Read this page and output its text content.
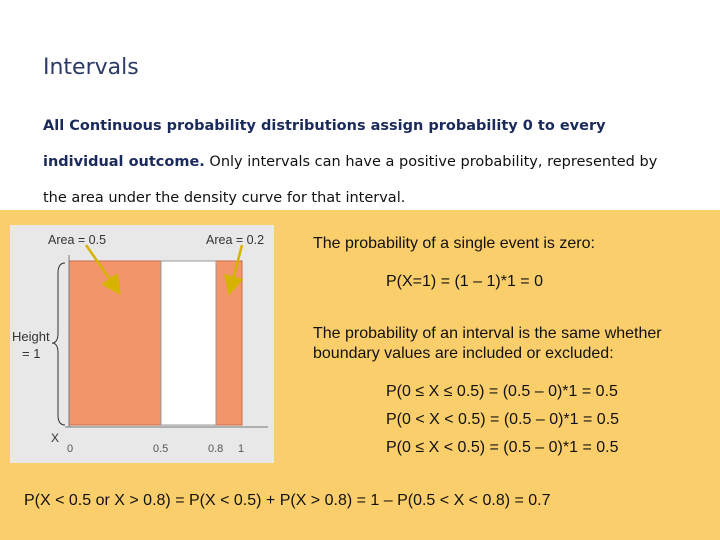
Intervals
All Continuous probability distributions assign probability 0 to every individual outcome. Only intervals can have a positive probability, represented by the area under the density curve for that interval.
Area = 0.5	Area = 0.2
Height
= 1
X
0	0.5	0.8 1
The probability of a single event is zero:
P(X=1) = (1 – 1)*1 = 0
The probability of an interval is the same whether boundary values are included or excluded:
P(0 ≤ X ≤ 0.5) = (0.5 – 0)*1 = 0.5
P(0 < X < 0.5) = (0.5 – 0)*1 = 0.5
P(0 ≤ X < 0.5) = (0.5 – 0)*1 = 0.5
P(X < 0.5 or X > 0.8) = P(X < 0.5) + P(X > 0.8) = 1 – P(0.5 < X < 0.8) = 0.7
